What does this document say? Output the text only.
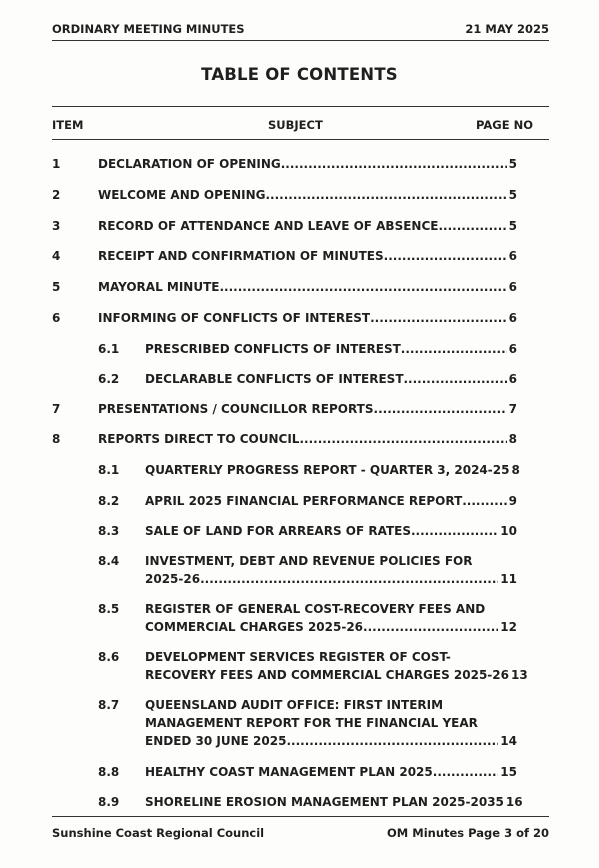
ORDINARY MEETING MINUTES	21 MAY 2025
TABLE OF CONTENTS
ITEM	SUBJECT	PAGE NO
1	DECLARATION OF OPENING .....	5
2	WELCOME AND OPENING .....	5
3	RECORD OF ATTENDANCE AND LEAVE OF ABSENCE .....	5
4	RECEIPT AND CONFIRMATION OF MINUTES .....	6
5	MAYORAL MINUTE .....	6
6	INFORMING OF CONFLICTS OF INTEREST .....	6
6.1 PRESCRIBED CONFLICTS OF INTEREST .....	6
6.2 DECLARABLE CONFLICTS OF INTEREST .....	6
7	PRESENTATIONS / COUNCILLOR REPORTS .....	7
8	REPORTS DIRECT TO COUNCIL .....	8
8.1 QUARTERLY PROGRESS REPORT - QUARTER 3, 2024-25 8
8.2 APRIL 2025 FINANCIAL PERFORMANCE REPORT .....	9
8.3 SALE OF LAND FOR ARREARS OF RATES .....	10
8.4 INVESTMENT, DEBT AND REVENUE POLICIES FOR
2025-26 .....	11
8.5 REGISTER OF GENERAL COST-RECOVERY FEES AND
COMMERCIAL CHARGES 2025-26 .....	12
8.6 DEVELOPMENT SERVICES REGISTER OF COST-
RECOVERY FEES AND COMMERCIAL CHARGES 2025-26 13
8.7 QUEENSLAND AUDIT OFFICE: FIRST INTERIM
MANAGEMENT REPORT FOR THE FINANCIAL YEAR
ENDED 30 JUNE 2025 .....	14
8.8 HEALTHY COAST MANAGEMENT PLAN 2025 .....	15
8.9 SHORELINE EROSION MANAGEMENT PLAN 2025-2035 16
Sunshine Coast Regional Council	OM Minutes Page 3 of 20
